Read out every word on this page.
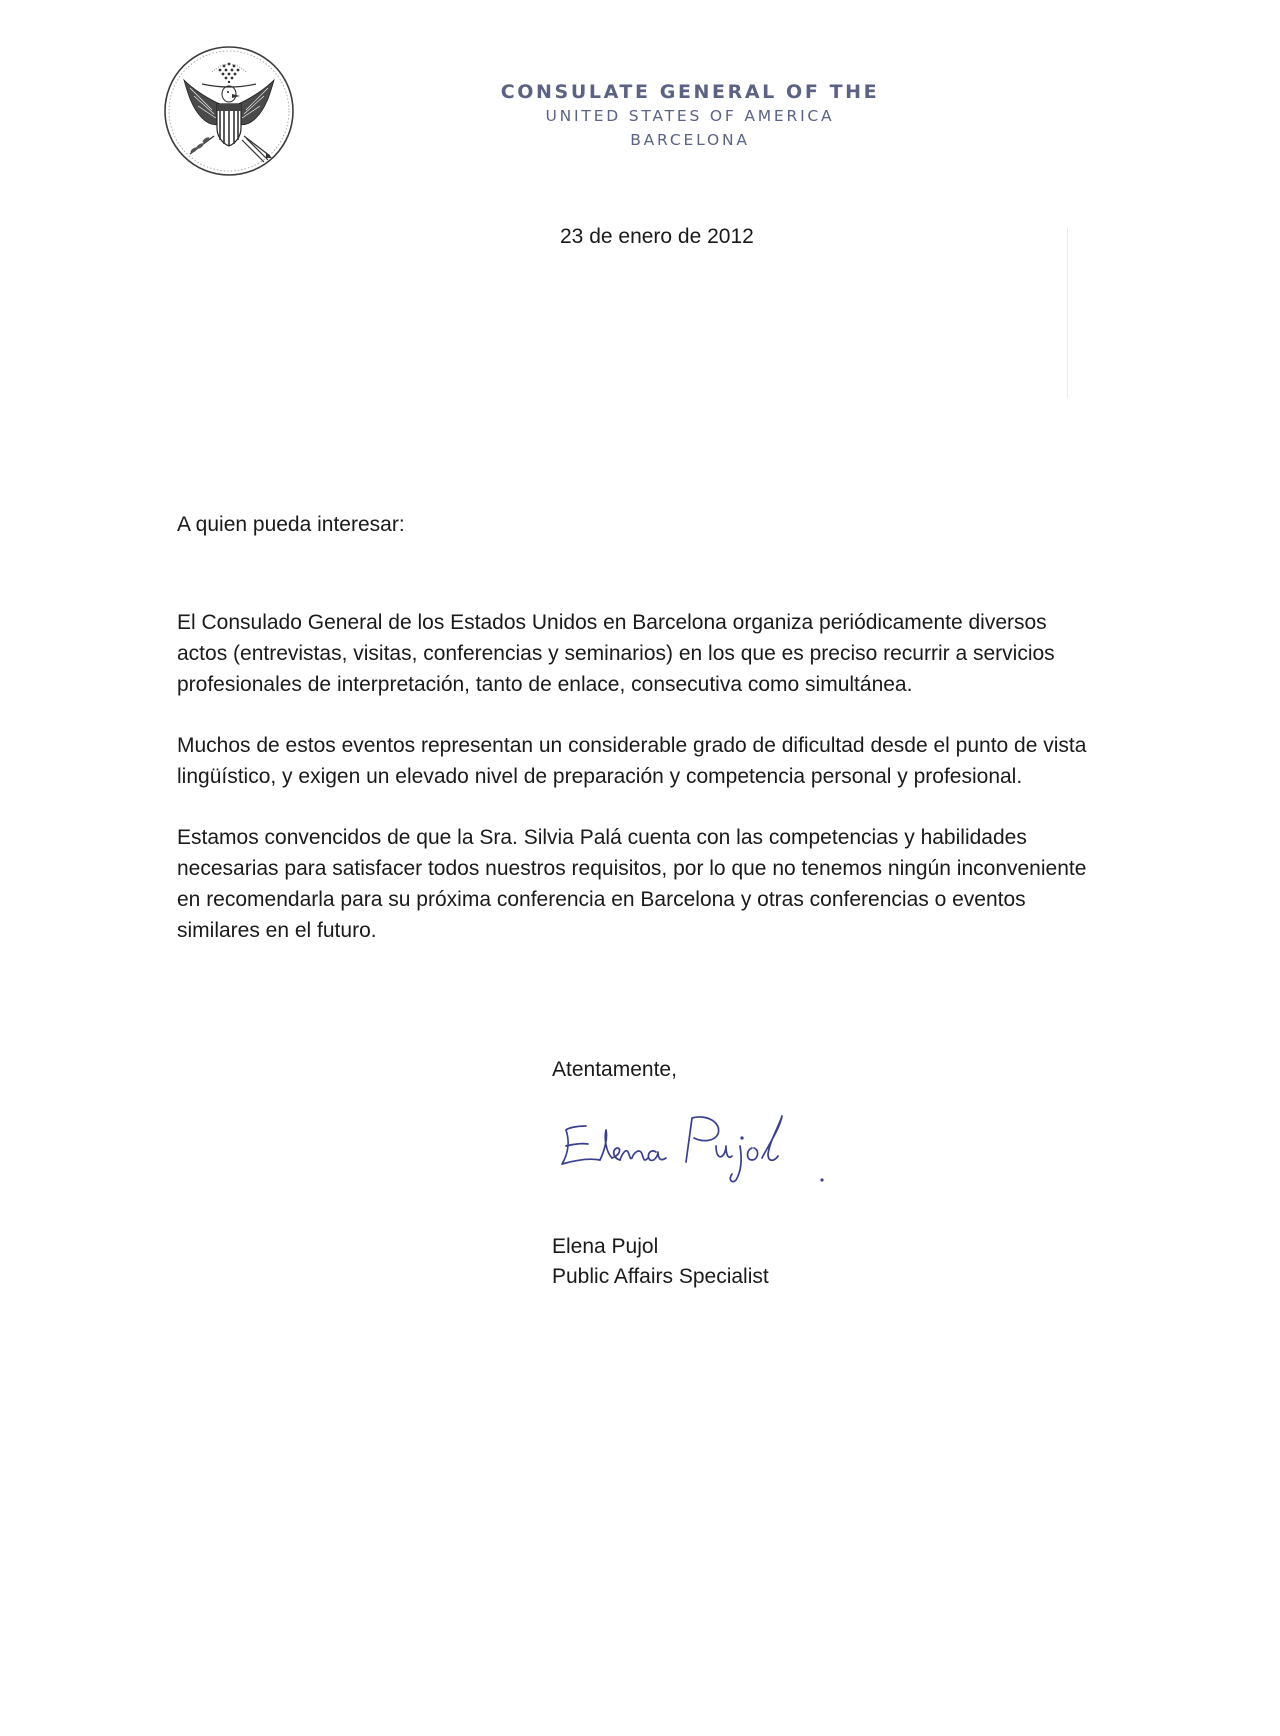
CONSULATE GENERAL OF THE
UNITED STATES OF AMERICA
BARCELONA
23 de enero de 2012
A quien pueda interesar:

El Consulado General de los Estados Unidos en Barcelona organiza periódicamente diversos actos (entrevistas, visitas, conferencias y seminarios) en los que es preciso recurrir a servicios profesionales de interpretación, tanto de enlace, consecutiva como simultánea.

Muchos de estos eventos representan un considerable grado de dificultad desde el punto de vista lingüístico, y exigen un elevado nivel de preparación y competencia personal y profesional.

Estamos convencidos de que la Sra. Silvia Palá cuenta con las competencias y habilidades necesarias para satisfacer todos nuestros requisitos, por lo que no tenemos ningún inconveniente en recomendarla para su próxima conferencia en Barcelona y otras conferencias o eventos similares en el futuro.

Atentamente,
Elena Pujol
Public Affairs Specialist
